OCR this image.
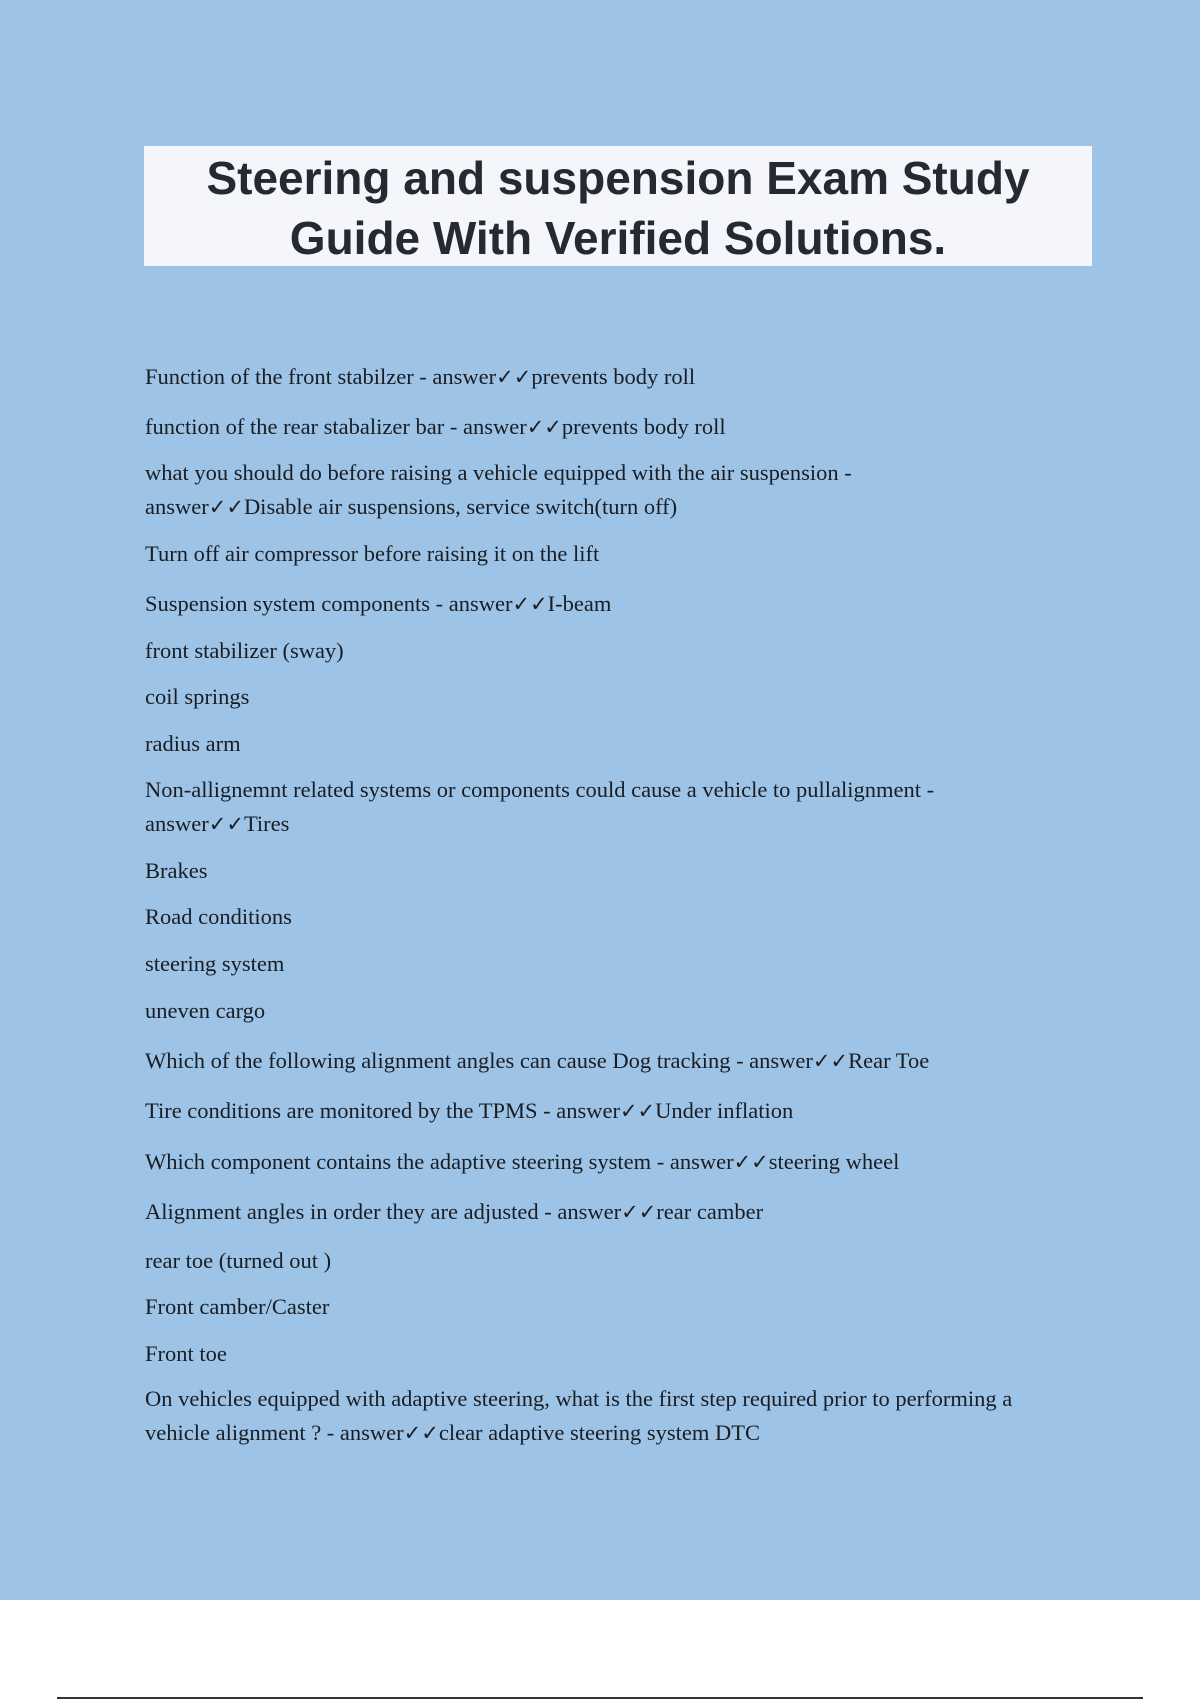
Steering and suspension Exam Study
Guide With Verified Solutions.
Function of the front stabilzer - answer✓✓prevents body roll
function of the rear stabalizer bar - answer✓✓prevents body roll
what you should do before raising a vehicle equipped with the air suspension -
answer✓✓Disable air suspensions, service switch(turn off)
Turn off air compressor before raising it on the lift
Suspension system components - answer✓✓I-beam
front stabilizer (sway)
coil springs
radius arm
Non-allignemnt related systems or components could cause a vehicle to pullalignment -
answer✓✓Tires
Brakes
Road conditions
steering system
uneven cargo
Which of the following alignment angles can cause Dog tracking - answer✓✓Rear Toe
Tire conditions are monitored by the TPMS - answer✓✓Under inflation
Which component contains the adaptive steering system - answer✓✓steering wheel
Alignment angles in order they are adjusted - answer✓✓rear camber
rear toe (turned out )
Front camber/Caster
Front toe
On vehicles equipped with adaptive steering, what is the first step required prior to performing a
vehicle alignment ? - answer✓✓clear adaptive steering system DTC
